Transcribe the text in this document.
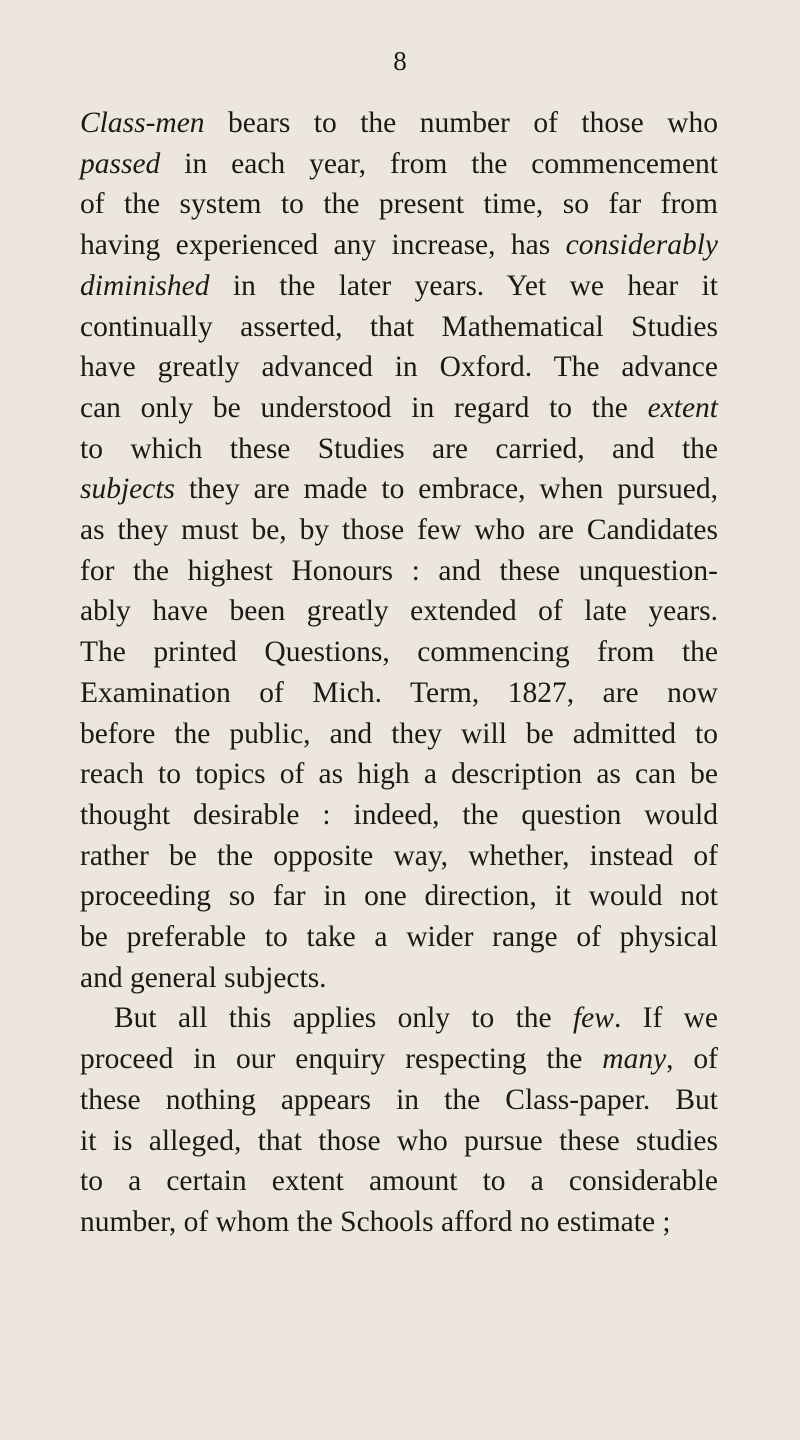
8
Class-men bears to the number of those who
passed in each year, from the commencement
of the system to the present time, so far from
having experienced any increase, has considerably
diminished in the later years. Yet we hear it
continually asserted, that Mathematical Studies
have greatly advanced in Oxford. The advance
can only be understood in regard to the extent
to which these Studies are carried, and the
subjects they are made to embrace, when pursued,
as they must be, by those few who are Candidates
for the highest Honours : and these unquestion-
ably have been greatly extended of late years.
The printed Questions, commencing from the
Examination of Mich. Term, 1827, are now
before the public, and they will be admitted to
reach to topics of as high a description as can be
thought desirable : indeed, the question would
rather be the opposite way, whether, instead of
proceeding so far in one direction, it would not
be preferable to take a wider range of physical
and general subjects.
But all this applies only to the few. If we
proceed in our enquiry respecting the many, of
these nothing appears in the Class-paper. But
it is alleged, that those who pursue these studies
to a certain extent amount to a considerable
number, of whom the Schools afford no estimate ;
